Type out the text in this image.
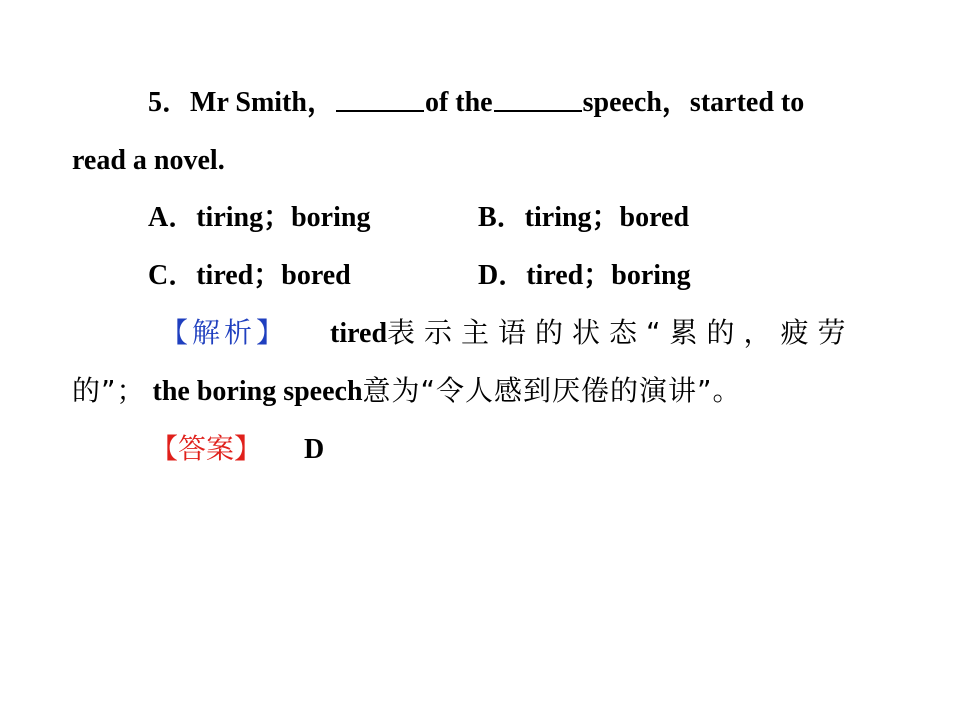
5． Mr Smith，	of the	speech，started to
read a novel.
A．tiring；boring	B．tiring；bored
C．tired；bored	D．tired；boring
【解析】 tired 表示主语的状态“累的，疲劳
的”； the boring speech意为“令人感到厌倦的演讲”。
【答案】 D
